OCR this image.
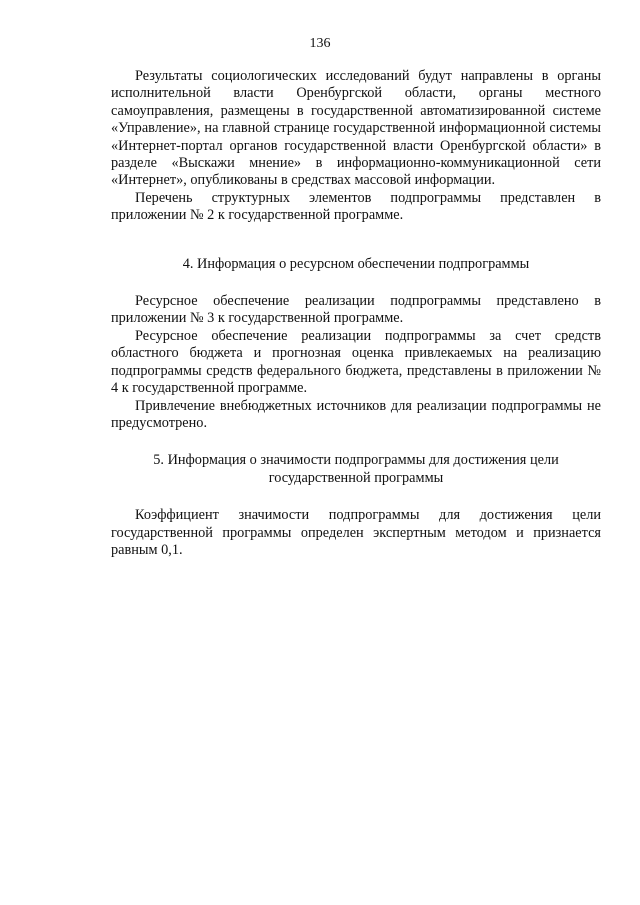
136

Результаты социологических исследований будут направлены в органы исполнительной власти Оренбургской области, органы местного самоуправления, размещены в государственной автоматизированной системе «Управление», на главной странице государственной информационной системы «Интернет-портал органов государственной власти Оренбургской области» в разделе «Выскажи мнение» в информационно-коммуникационной сети «Интернет», опубликованы в средствах массовой информации.

Перечень структурных элементов подпрограммы представлен в приложении № 2 к государственной программе.

4. Информация о ресурсном обеспечении подпрограммы

Ресурсное обеспечение реализации подпрограммы представлено в приложении № 3 к государственной программе.

Ресурсное обеспечение реализации подпрограммы за счет средств областного бюджета и прогнозная оценка привлекаемых на реализацию подпрограммы средств федерального бюджета, представлены в приложении № 4 к государственной программе.

Привлечение внебюджетных источников для реализации подпрограммы не предусмотрено.

5. Информация о значимости подпрограммы для достижения цели

государственной программы

Коэффициент значимости подпрограммы для достижения цели государственной программы определен экспертным методом и признается равным 0,1.
